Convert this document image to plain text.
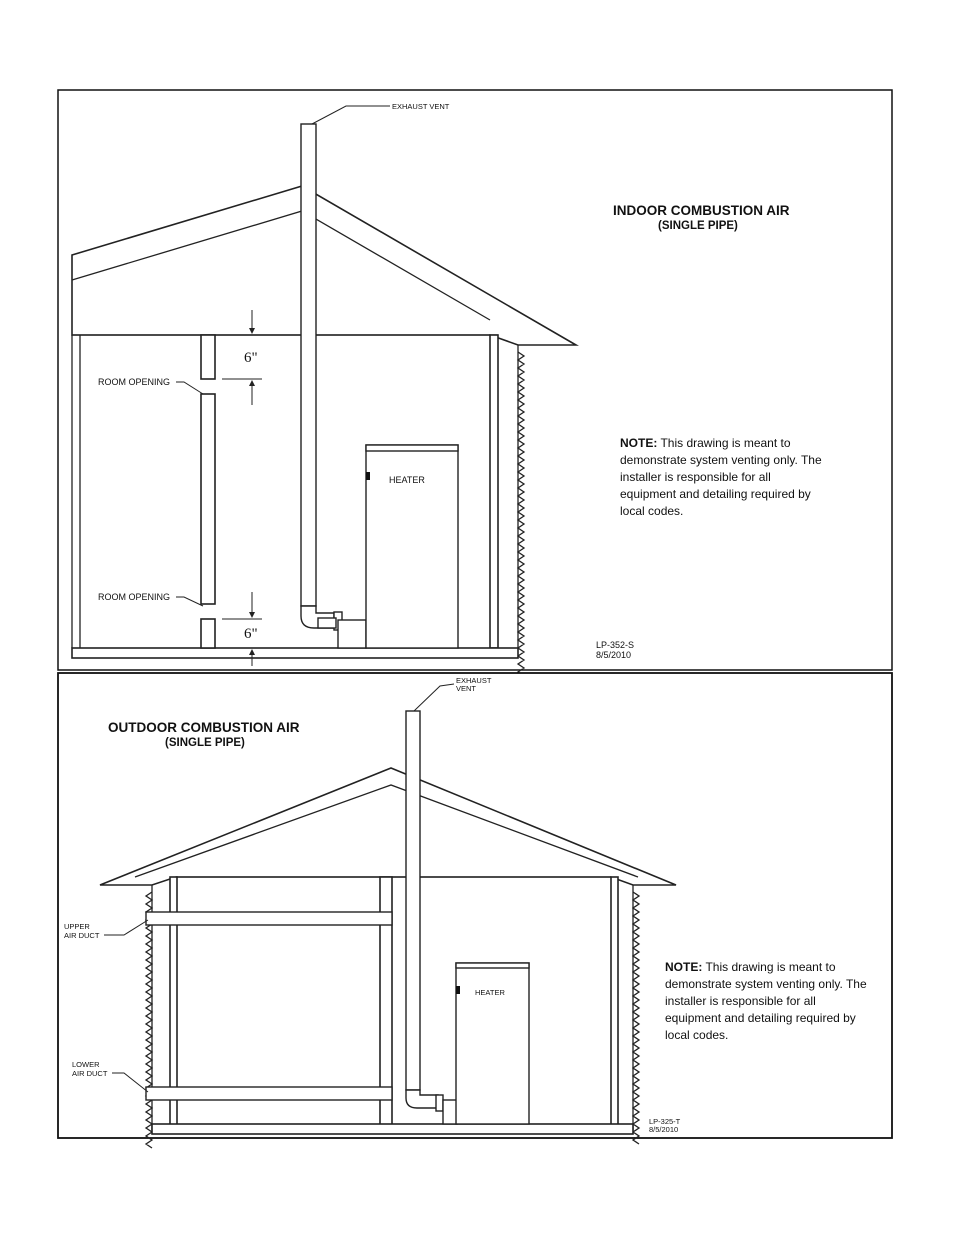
6"
6"
ROOM OPENING
ROOM OPENING
EXHAUST VENT
HEATER
INDOOR COMBUSTION AIR
(SINGLE PIPE)
NOTE: This drawing is meant to demonstrate system venting only. The installer is responsible for all equipment and detailing required by local codes.
LP-352-S
8/5/2010
EXHAUST
VENT
HEATER
UPPER
AIR DUCT
LOWER
AIR DUCT
OUTDOOR COMBUSTION AIR
(SINGLE PIPE)
NOTE: This drawing is meant to demonstrate system venting only. The installer is responsible for all equipment and detailing required by local codes.
LP-325-T
8/5/2010
